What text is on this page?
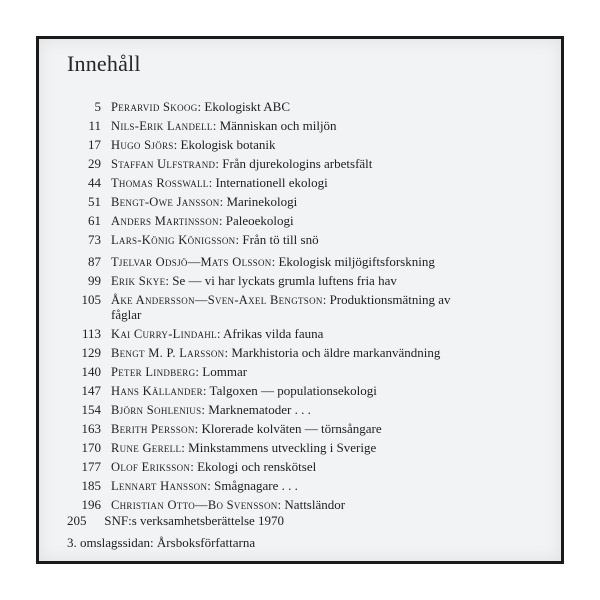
Innehåll
5 Perarvid Skoog: Ekologiskt ABC
11 Nils-Erik Landell: Människan och miljön
17 Hugo Sjörs: Ekologisk botanik
29 Staffan Ulfstrand: Från djurekologins arbetsfält
44 Thomas Rosswall: Internationell ekologi
51 Bengt-Owe Jansson: Marinekologi
61 Anders Martinsson: Paleoekologi
73 Lars-König Königsson: Från tö till snö
87 Tjelvar Odsjö—Mats Olsson: Ekologisk miljögiftsforskning
99 Erik Skye: Se — vi har lyckats grumla luftens fria hav
105 Åke Andersson—Sven-Axel Bengtson: Produktionsmätning av
fåglar
113 Kai Curry-Lindahl: Afrikas vilda fauna
129 Bengt M. P. Larsson: Markhistoria och äldre markanvändning
140 Peter Lindberg: Lommar
147 Hans Källander: Talgoxen — populationsekologi
154 Björn Sohlenius: Marknematoder . . .
163 Berith Persson: Klorerade kolväten — törnsångare
170 Rune Gerell: Minkstammens utveckling i Sverige
177 Olof Eriksson: Ekologi och renskötsel
185 Lennart Hansson: Smågnagare . . .
196 Christian Otto—Bo Svensson: Nattsländor
205 SNF:s verksamhetsberättelse 1970
3. omslagssidan: Årsboksförfattarna
